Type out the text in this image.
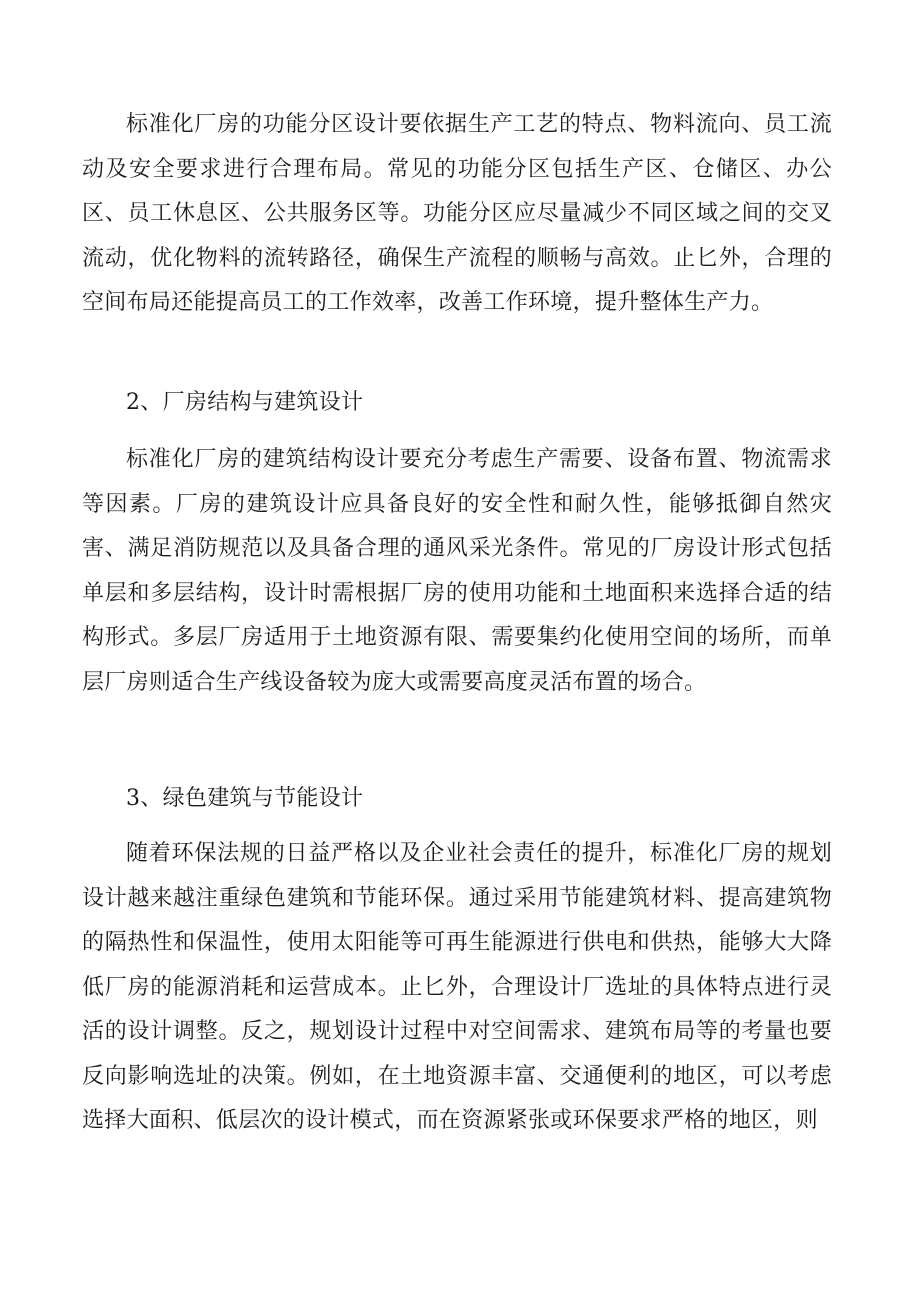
标准化厂房的功能分区设计要依据生产工艺的特点、物料流向、员工流动及安全要求进行合理布局。常见的功能分区包括生产区、仓储区、办公区、员工休息区、公共服务区等。功能分区应尽量减少不同区域之间的交叉流动，优化物料的流转路径，确保生产流程的顺畅与高效。止匕外，合理的空间布局还能提高员工的工作效率，改善工作环境，提升整体生产力。

2、厂房结构与建筑设计

标准化厂房的建筑结构设计要充分考虑生产需要、设备布置、物流需求等因素。厂房的建筑设计应具备良好的安全性和耐久性，能够抵御自然灾害、满足消防规范以及具备合理的通风采光条件。常见的厂房设计形式包括单层和多层结构，设计时需根据厂房的使用功能和土地面积来选择合适的结构形式。多层厂房适用于土地资源有限、需要集约化使用空间的场所，而单层厂房则适合生产线设备较为庞大或需要高度灵活布置的场合。

3、绿色建筑与节能设计

随着环保法规的日益严格以及企业社会责任的提升，标准化厂房的规划设计越来越注重绿色建筑和节能环保。通过采用节能建筑材料、提高建筑物的隔热性和保温性，使用太阳能等可再生能源进行供电和供热，能够大大降低厂房的能源消耗和运营成本。止匕外，合理设计厂选址的具体特点进行灵活的设计调整。反之，规划设计过程中对空间需求、建筑布局等的考量也要反向影响选址的决策。例如，在土地资源丰富、交通便利的地区，可以考虑选择大面积、低层次的设计模式，而在资源紧张或环保要求严格的地区，则
